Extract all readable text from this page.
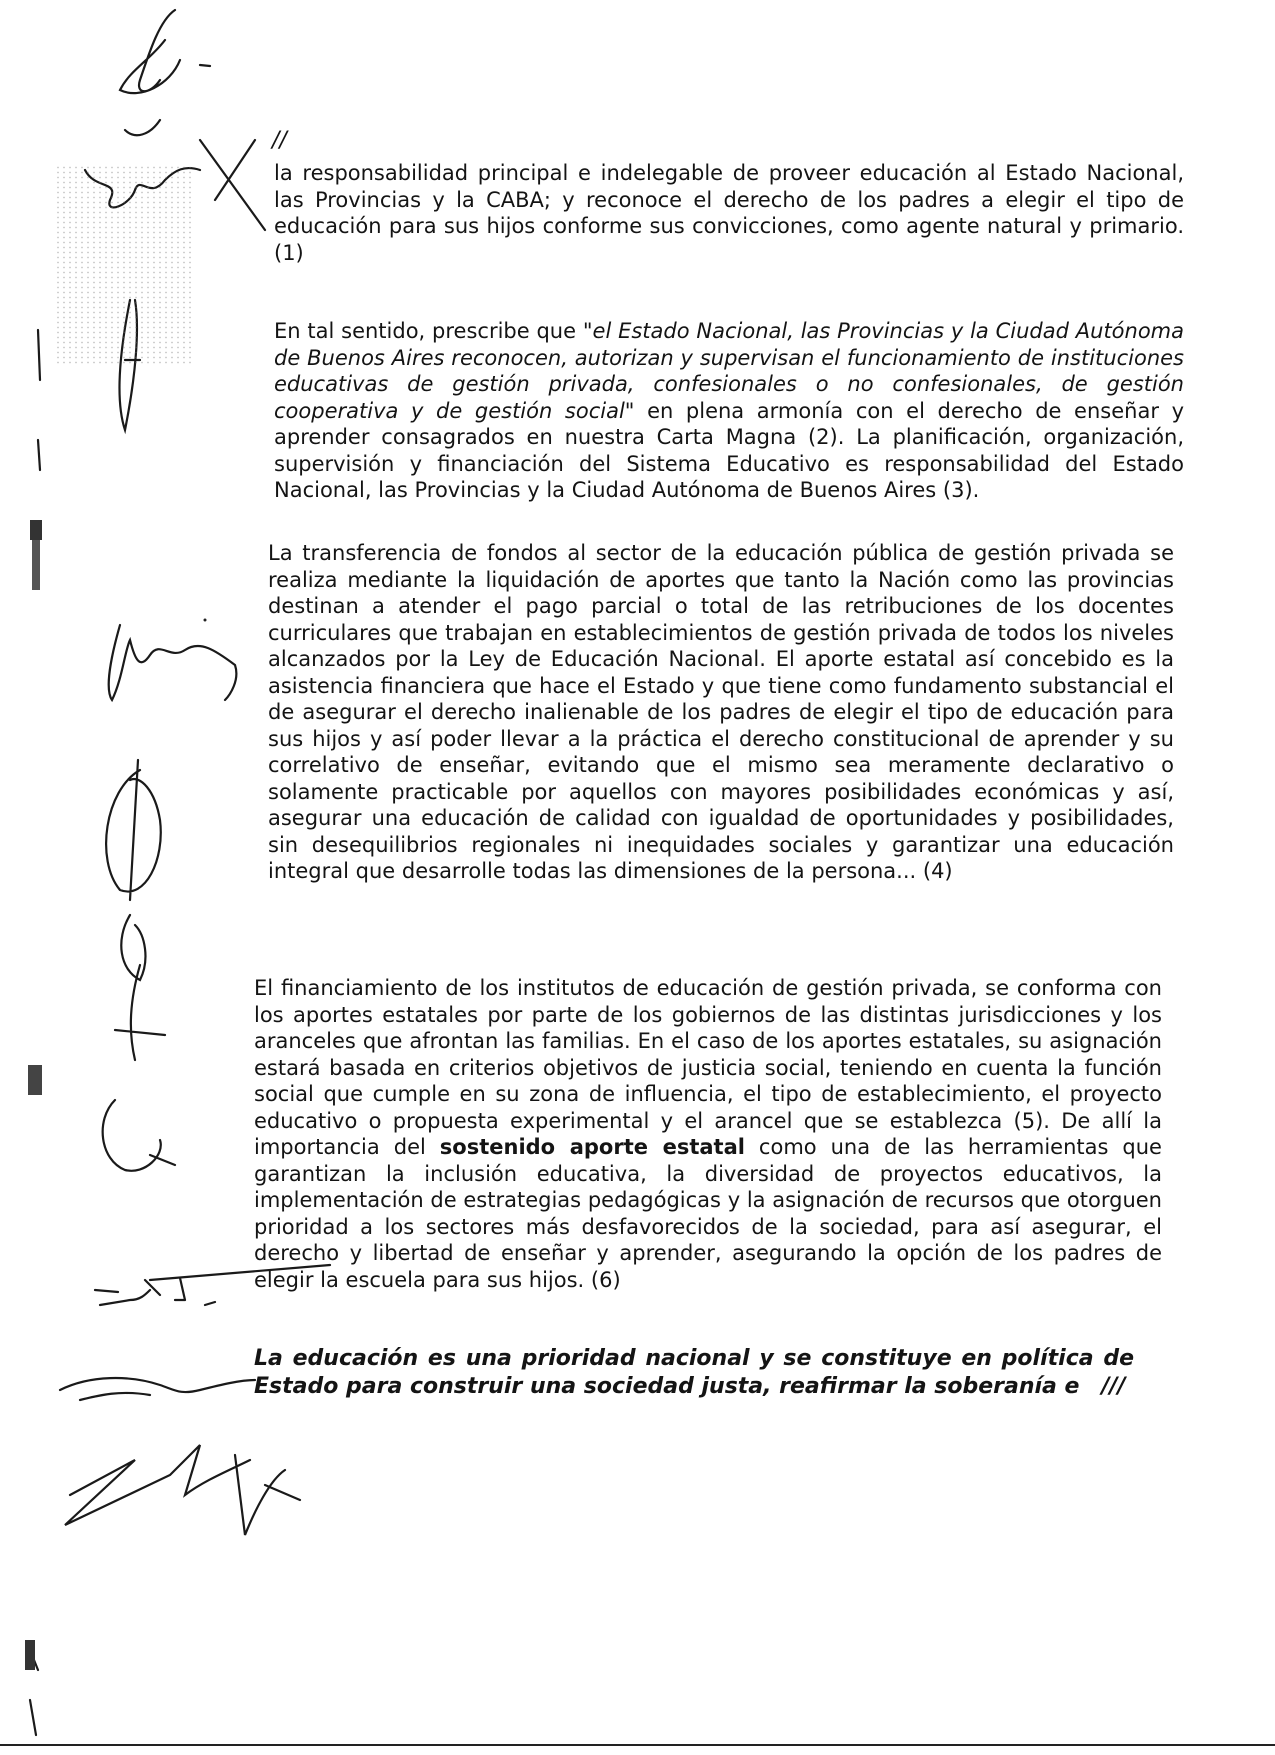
//

la responsabilidad principal e indelegable de proveer educación al Estado Nacional, las Provincias y la CABA; y reconoce el derecho de los padres a elegir el tipo de educación para sus hijos conforme sus convicciones, como agente natural y primario. (1)

En tal sentido, prescribe que "el Estado Nacional, las Provincias y la Ciudad Autónoma de Buenos Aires reconocen, autorizan y supervisan el funcionamiento de instituciones educativas de gestión privada, confesionales o no confesionales, de gestión cooperativa y de gestión social" en plena armonía con el derecho de enseñar y aprender consagrados en nuestra Carta Magna (2). La planificación, organización, supervisión y financiación del Sistema Educativo es responsabilidad del Estado Nacional, las Provincias y la Ciudad Autónoma de Buenos Aires (3).

La transferencia de fondos al sector de la educación pública de gestión privada se realiza mediante la liquidación de aportes que tanto la Nación como las provincias destinan a atender el pago parcial o total de las retribuciones de los docentes curriculares que trabajan en establecimientos de gestión privada de todos los niveles alcanzados por la Ley de Educación Nacional. El aporte estatal así concebido es la asistencia financiera que hace el Estado y que tiene como fundamento substancial el de asegurar el derecho inalienable de los padres de elegir el tipo de educación para sus hijos y así poder llevar a la práctica el derecho constitucional de aprender y su correlativo de enseñar, evitando que el mismo sea meramente declarativo o solamente practicable por aquellos con mayores posibilidades económicas y así, asegurar una educación de calidad con igualdad de oportunidades y posibilidades, sin desequilibrios regionales ni inequidades sociales y garantizar una educación integral que desarrolle todas las dimensiones de la persona... (4)

El financiamiento de los institutos de educación de gestión privada, se conforma con los aportes estatales por parte de los gobiernos de las distintas jurisdicciones y los aranceles que afrontan las familias. En el caso de los aportes estatales, su asignación estará basada en criterios objetivos de justicia social, teniendo en cuenta la función social que cumple en su zona de influencia, el tipo de establecimiento, el proyecto educativo o propuesta experimental y el arancel que se establezca (5). De allí la importancia del sostenido aporte estatal como una de las herramientas que garantizan la inclusión educativa, la diversidad de proyectos educativos, la implementación de estrategias pedagógicas y la asignación de recursos que otorguen prioridad a los sectores más desfavorecidos de la sociedad, para así asegurar, el derecho y libertad de enseñar y aprender, asegurando la opción de los padres de elegir la escuela para sus hijos. (6)

La educación es una prioridad nacional y se constituye en política de Estado para construir una sociedad justa, reafirmar la soberanía e ///
